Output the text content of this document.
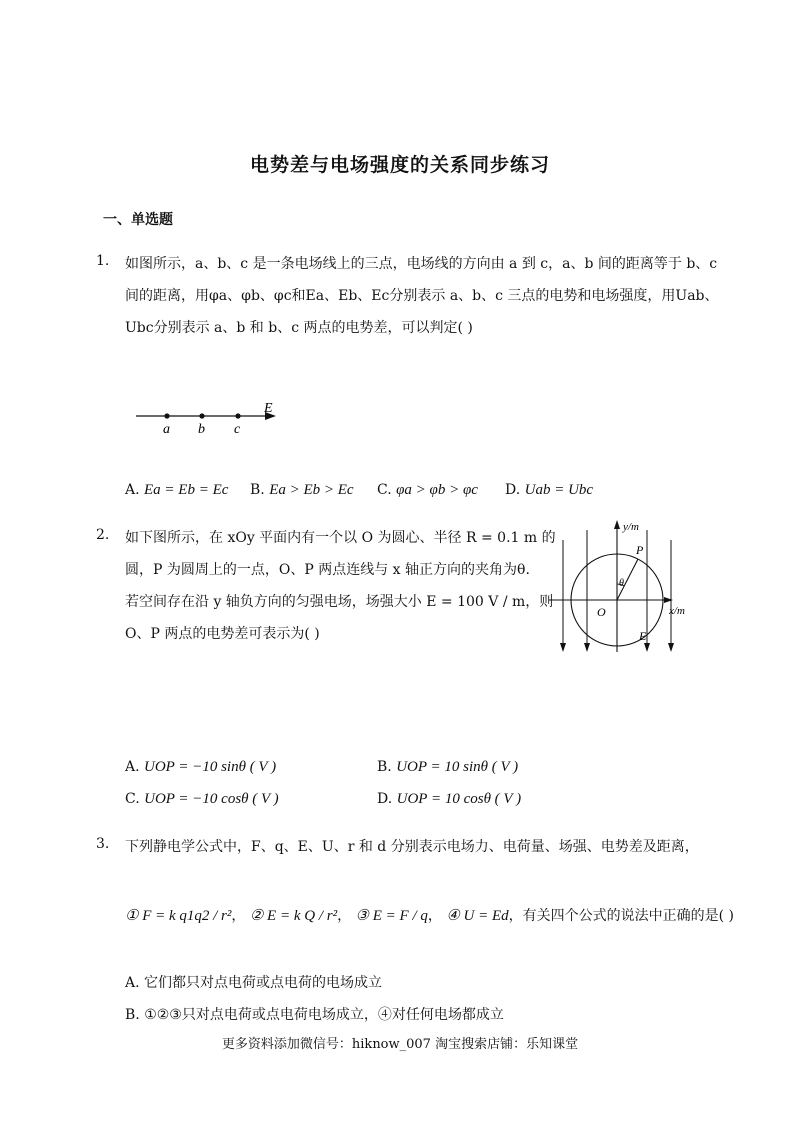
电势差与电场强度的关系同步练习
一、单选题
1. 如图所示，a、b、c 是一条电场线上的三点，电场线的方向由 a 到 c，a、b 间的距离等于 b、c
间的距离，用φa、φb、φc和Ea、Eb、Ec分别表示 a、b、c 三点的电势和电场强度，用Uab、
Ubc分别表示 a、b 和 b、c 两点的电势差，可以判定( )
a b c
E
A. Ea = Eb = Ec B. Ea > Eb > Ec C. φa > φb > φc D. Uab = Ubc
2. 如下图所示，在 xOy 平面内有一个以 O 为圆心、半径 R = 0.1 m 的
圆，P 为圆周上的一点，O、P 两点连线与 x 轴正方向的夹角为θ.
若空间存在沿 y 轴负方向的匀强电场，场强大小 E = 100 V / m，则
O、P 两点的电势差可表示为( )
y/m
x/m
O
P
θ
E
A. UOP = −10 sinθ ( V )	B. UOP = 10 sinθ ( V )
C. UOP = −10 cosθ ( V )	D. UOP = 10 cosθ ( V )
3. 下列静电学公式中，F、q、E、U、r 和 d 分别表示电场力、电荷量、场强、电势差及距离，
① F = k q1q2 / r²， ② E = k Q / r²， ③ E = F / q， ④ U = Ed，有关四个公式的说法中正确的是( )
A. 它们都只对点电荷或点电荷的电场成立
B. ①②③只对点电荷或点电荷电场成立，④对任何电场都成立
更多资料添加微信号：hiknow_007 淘宝搜索店铺：乐知课堂
